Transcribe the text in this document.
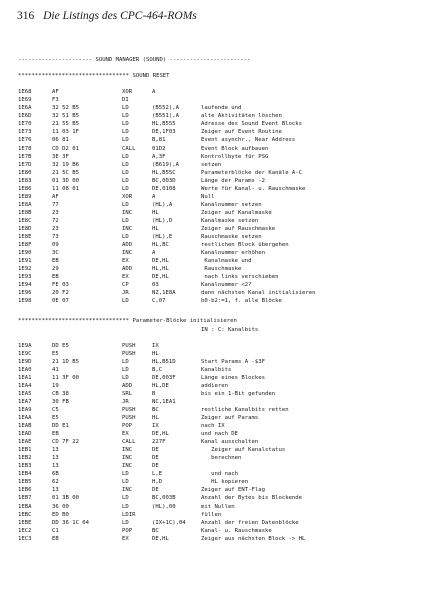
316 Die Listings des CPC-464-ROMs
---------------------- SOUND MANAGER (SOUND) ------------------------
********************************* SOUND RESET
1E68	AF	XOR	A
1E69	F3	DI
1E6A	32 52 B5	LD	(B552),A	laufende und
1E6D	32 51 B5	LD	(B551),A	alte Aktivitäten löschen
1E70	21 55 B5	LD	HL,B555	Adresse des Sound Event Blocks
1E73	11 03 1F	LD	DE,1F03	Zeiger auf Event Routine
1E76	06 81	LD	B,81	Event asynchr., Near Address
1E78	CD D2 01	CALL	01D2	Event Block aufbauen
1E7B	3E 3F	LD	A,3F	Kontrollbyte für PSG
1E7D	32 19 B6	LD	(B619),A	setzen
1E80	21 5C B5	LD	HL,B55C	Parameterblöcke der Kanäle A-C
1E83	01 3D 00	LD	BC,003D	Länge der Params -2
1E86	11 08 01	LD	DE,0108	Werte für Kanal- u. Rauschmaske
1E89	AF	XOR	A	Null
1E8A	77	LD	(HL),A	Kanalnummer setzen
1E8B	23	INC	HL	Zeiger auf Kanalmaske
1E8C	72	LD	(HL),D	Kanalmaske setzen
1E8D	23	INC	HL	Zeiger auf Rauschmaske
1E8E	73	LD	(HL),E	Rauschmaske setzen
1E8F	09	ADD	HL,BC	restlichen Block übergehen
1E90	3C	INC	A	Kanalnummer erhöhen
1E91	EB	EX	DE,HL	Kanalmaske und
1E92	29	ADD	HL,HL	Rauschmaske
1E93	EB	EX	DE,HL	nach links verschieben
1E94	FE 03	CP	03	Kanalnummer <2?
1E96	20 F2	JR	NZ,1E8A	dann nächsten Kanal initialisieren
1E98	0E 07	LD	C,07	b0-b2:=1, f. alle Blöcke
********************************* Parameter-Blöcke initialisieren
IN : C: Kanalbits
1E9A	DD E5	PUSH	IX
1E9C	E5	PUSH	HL
1E9D	21 1D B5	LD	HL,B51D	Start Params A -$3F
1EA0	41	LD	B,C	Kanalbits
1EA1	11 3F 00	LD	DE,003F	Länge eines Blockes
1EA4	19	ADD	HL,DE	addieren
1EA5	CB 38	SRL	B	bis ein 1-Bit gefunden
1EA7	30 FB	JR	NC,1EA1
1EA9	C5	PUSH	BC	restliche Kanalbits retten
1EAA	E5	PUSH	HL	Zeiger auf Params
1EAB	DD E1	POP	IX	nach IX
1EAD	EB	EX	DE,HL	und nach DE
1EAE	CD 7F 22	CALL	227F	Kanal ausschalten
1EB1	13	INC	DE	Zeiger auf Kanalstatus
1EB2	13	INC	DE	berechnen
1EB3	13	INC	DE
1EB4	6B	LD	L,E	und nach
1EB5	62	LD	H,D	HL kopieren
1EB6	13	INC	DE	Zeiger auf ENT-Flag
1EB7	01 3B 00	LD	BC,003B	Anzahl der Bytes bis Blockende
1EBA	36 00	LD	(HL),00	mit Nullen
1EBC	ED B0	LDIR	füllen
1EBE	DD 36 1C 04	LD	(IX+1C),04	Anzahl der freien Datenblöcke
1EC2	C1	POP	BC	Kanal- u. Rauschmaske
1EC3	EB	EX	DE,HL	Zeiger aus nächsten Block -> HL
